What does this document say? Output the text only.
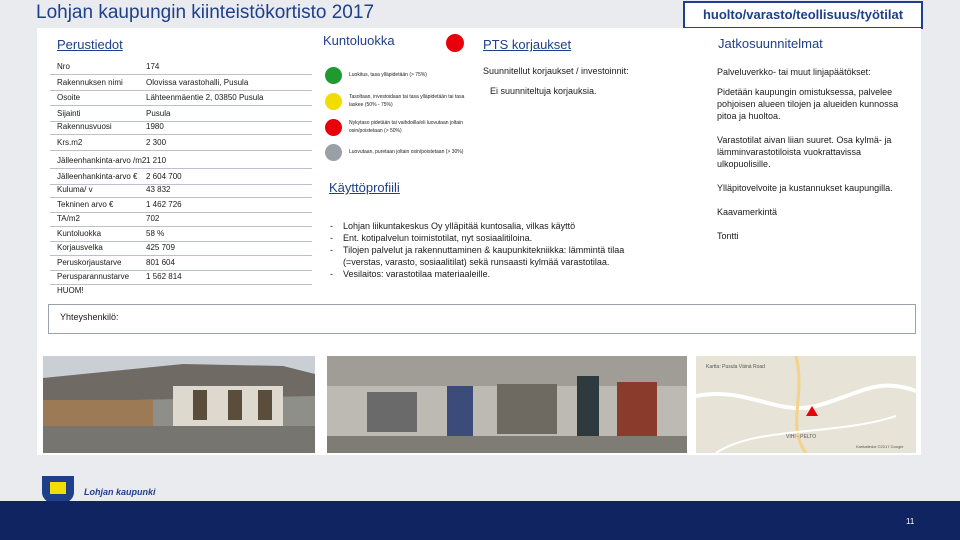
Lohjan kaupungin kiinteistökortisto 2017	huolto/varasto/teollisuus/työtilat
Perustiedot	Kuntoluokka	PTS korjaukset	Jatkosuunnitelmat
Nro	174
Rakennuksen nimi	Olovissa varastohalli, Pusula
Osoite	Lähteenmäentie 2, 03850 Pusula
Sijainti	Pusula
Rakennusvuosi	1980
Krs.m2	2 300
Jälleenhankinta-arvo /m2 1 210
Jälleenhankinta-arvo € 2 604 700
Kulumа/ v	43 832
Tekninen arvo €	1 462 726
TA/m2	702
Kuntoluokka	58 %
Korjausvelka	425 709
Peruskorjaustarve	801 604
Perusparannustarve 1 562 814
HUOM!
Luokitus, tasa ylläpidetään (> 75%)
Tasoltaan, investoidaan tai tasa ylläpidetään tai tasa laskee (50% - 75%)
Nykytaso pidetään tai vaihdoilla/eli luovutaan joltain osin/poistetaan (> 50%)
Luovutaan, puretaan joltain osin/poistetaan (> 30%)
Käyttöprofiili
- Lohjan liikuntakeskus Oy ylläpitää kuntosalia, vilkas käyttö
- Ent. kotipalvelun toimistotilat, nyt sosiaalitiloina.
- Tilojen palvelut ja rakennuttaminen & kaupunkitekniikka: lämmintä tilaa (=verstas, varasto, sosiaalitilat) sekä runsaasti kylmää varastotilaa.
- Vesilaitos: varastotilaa materiaaleille.
Suunnitellut korjaukset / investoinnit:
Ei suunniteltuja korjauksia.

Palveluverkko- tai muut linjapäätökset:

Pidetään kaupungin omistuksessa, palvelee pohjoisen alueen tilojen ja alueiden kunnossa pitoa ja huoltoa.

Varastotilat aivan liian suuret. Osa kylmä- ja lämminvarastotiloista vuokrattavissa ulkopuolisille.

Ylläpitovelvoite ja kustannukset kaupungilla.

Kaavamerkintä

Tontti

Yhteyshenkilö:
VIHI - PELTO
Kartta: Pusula Väinä Road
Karttatiedot ©2017 Google
Lohjan kaupunki
11
